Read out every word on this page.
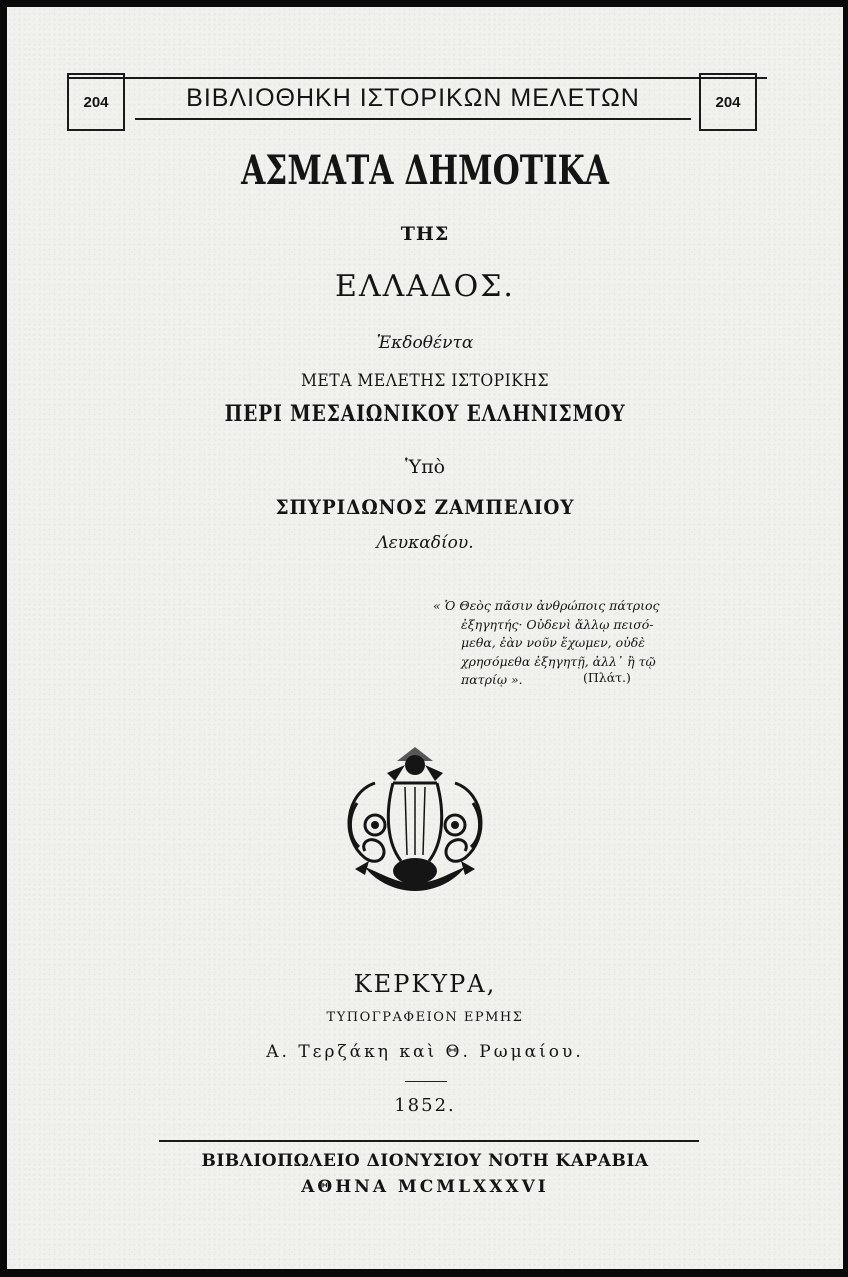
204	204
ΒΙΒΛΙΟΘΗΚΗ ΙΣΤΟΡΙΚΩΝ ΜΕΛΕΤΩΝ
ΑΣΜΑΤΑ ΔΗΜΟΤΙΚΑ
ΤΗΣ
ΕΛΛΑΔΟΣ.
Ἐκδοθέντα
ΜΕΤΑ ΜΕΛΕΤΗΣ ΙΣΤΟΡΙΚΗΣ
ΠΕΡΙ ΜΕΣΑΙΩΝΙΚΟΥ ΕΛΛΗΝΙΣΜΟΥ
Ὑπὸ
ΣΠΥΡΙΔΩΝΟΣ ΖΑΜΠΕΛΙΟΥ
Λευκαδίου.
« Ὁ Θεὸς πᾶσιν ἀνθρώποις πάτριος
ἐξηγητής· Οὐδενὶ ἄλλῳ πεισό-
μεθα, ἐὰν νοῦν ἔχωμεν, οὐδὲ
χρησόμεθα ἐξηγητῇ, ἀλλ᾽ ἢ τῷ
πατρίῳ ».	(Πλάτ.)
ΚΕΡΚΥΡΑ,
ΤΥΠΟΓΡΑΦΕΙΟΝ ΕΡΜΗΣ
Α. Τερζάκη καὶ Θ. Ρωμαίου.
1852.
ΒΙΒΛΙΟΠΩΛΕΙΟ ΔΙΟΝΥΣΙΟΥ ΝΟΤΗ ΚΑΡΑΒΙΑ
ΑΘΗΝΑ MCMLXXXVI
